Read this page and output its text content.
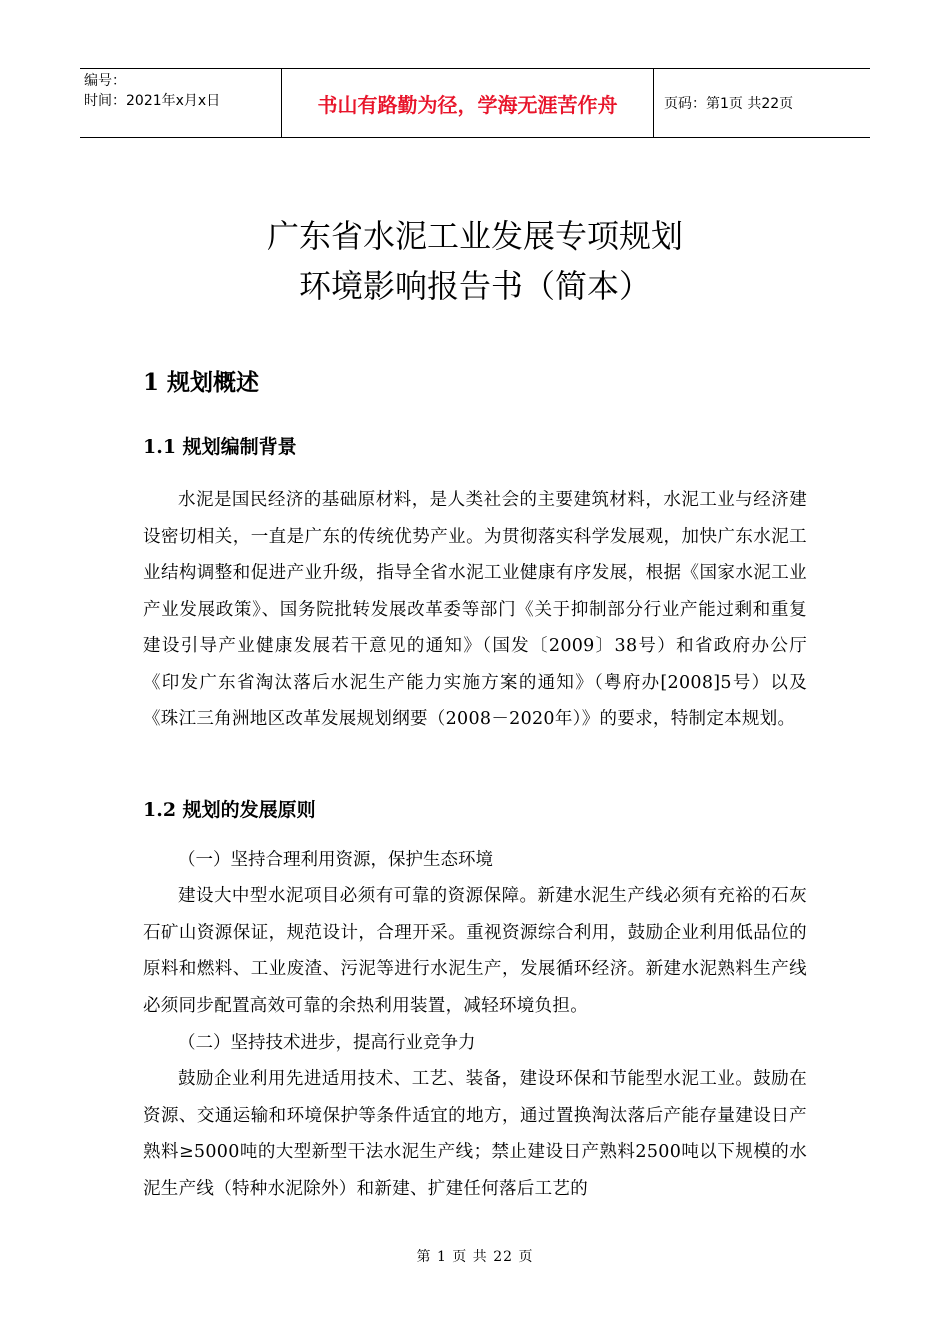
编号：
时间：2021年x月x日	书山有路勤为径，学海无涯苦作舟	页码：第1页 共22页
广东省水泥工业发展专项规划
环境影响报告书（简本）
1 规划概述
1.1 规划编制背景

水泥是国民经济的基础原材料，是人类社会的主要建筑材料，水泥工业与经济建设密切相关，一直是广东的传统优势产业。为贯彻落实科学发展观，加快广东水泥工业结构调整和促进产业升级，指导全省水泥工业健康有序发展，根据《国家水泥工业产业发展政策》、国务院批转发展改革委等部门《关于抑制部分行业产能过剩和重复建设引导产业健康发展若干意见的通知》（国发〔2009〕38号）和省政府办公厅《印发广东省淘汰落后水泥生产能力实施方案的通知》（粤府办[2008]5号）以及《珠江三角洲地区改革发展规划纲要（2008－2020年）》的要求，特制定本规划。

1.2 规划的发展原则

（一）坚持合理利用资源，保护生态环境

建设大中型水泥项目必须有可靠的资源保障。新建水泥生产线必须有充裕的石灰石矿山资源保证，规范设计，合理开采。重视资源综合利用，鼓励企业利用低品位的原料和燃料、工业废渣、污泥等进行水泥生产，发展循环经济。新建水泥熟料生产线必须同步配置高效可靠的余热利用装置，减轻环境负担。

（二）坚持技术进步，提高行业竞争力

鼓励企业利用先进适用技术、工艺、装备，建设环保和节能型水泥工业。鼓励在资源、交通运输和环境保护等条件适宜的地方，通过置换淘汰落后产能存量建设日产熟料≥5000吨的大型新型干法水泥生产线；禁止建设日产熟料2500吨以下规模的水泥生产线（特种水泥除外）和新建、扩建任何落后工艺的

第 1 页 共 22 页
